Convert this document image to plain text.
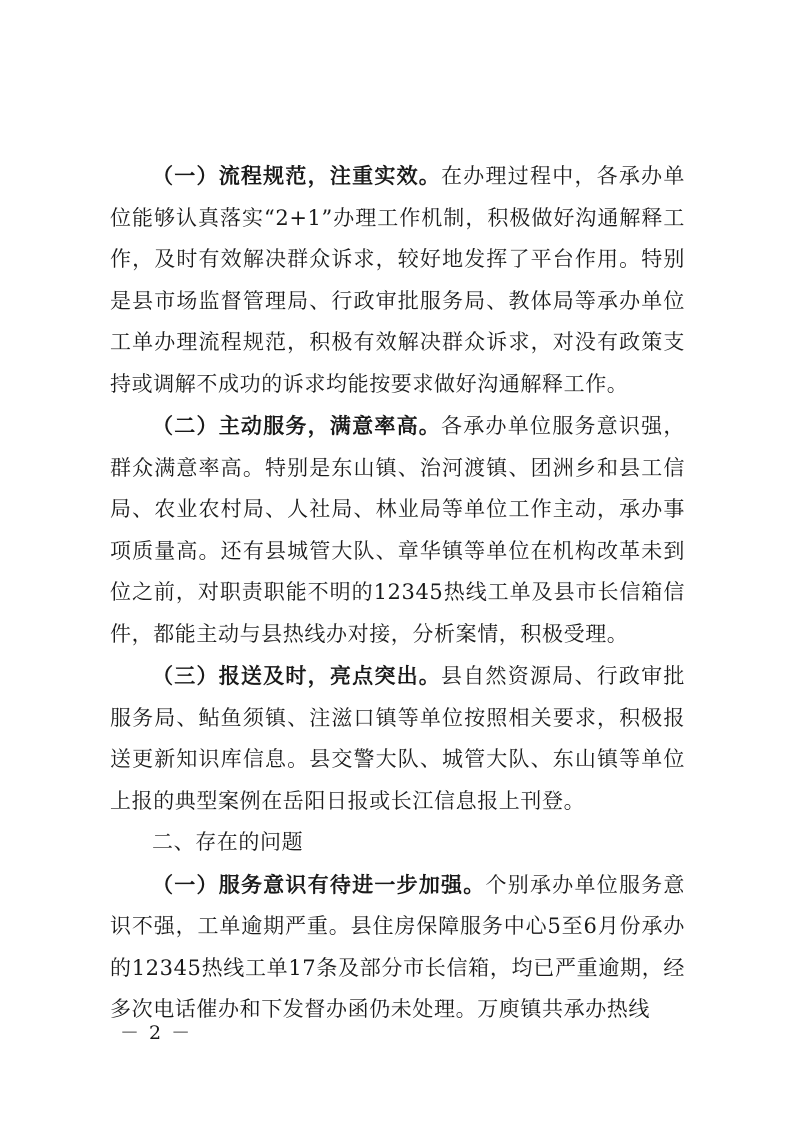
（一）流程规范，注重实效。在办理过程中，各承办单位能够认真落实“2+1”办理工作机制，积极做好沟通解释工作，及时有效解决群众诉求，较好地发挥了平台作用。特别是县市场监督管理局、行政审批服务局、教体局等承办单位工单办理流程规范，积极有效解决群众诉求，对没有政策支持或调解不成功的诉求均能按要求做好沟通解释工作。

（二）主动服务，满意率高。各承办单位服务意识强，群众满意率高。特别是东山镇、治河渡镇、团洲乡和县工信局、农业农村局、人社局、林业局等单位工作主动，承办事项质量高。还有县城管大队、章华镇等单位在机构改革未到位之前，对职责职能不明的12345热线工单及县市长信箱信件，都能主动与县热线办对接，分析案情，积极受理。

（三）报送及时，亮点突出。县自然资源局、行政审批服务局、鲇鱼须镇、注滋口镇等单位按照相关要求，积极报送更新知识库信息。县交警大队、城管大队、东山镇等单位上报的典型案例在岳阳日报或长江信息报上刊登。

二、存在的问题

（一）服务意识有待进一步加强。个别承办单位服务意识不强，工单逾期严重。县住房保障服务中心5至6月份承办的12345热线工单17条及部分市长信箱，均已严重逾期，经多次电话催办和下发督办函仍未处理。万庾镇共承办热线

－ 2 －
